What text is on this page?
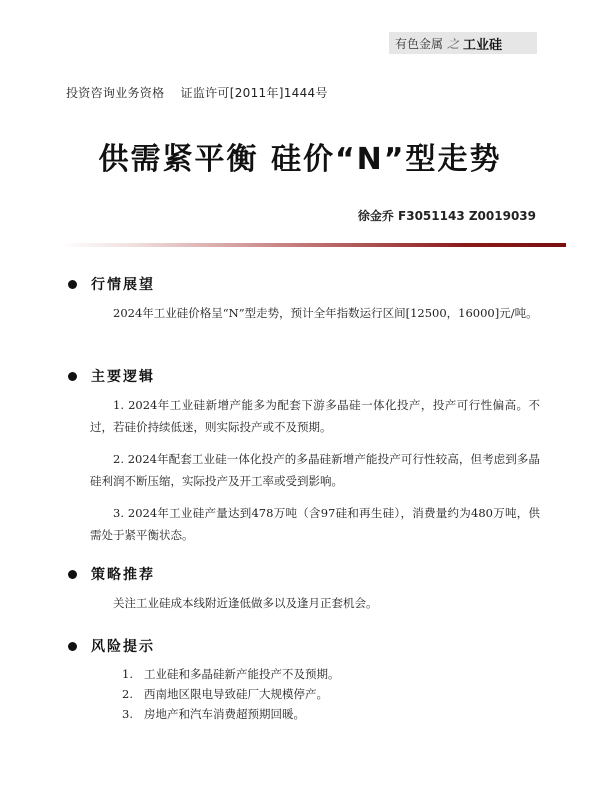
有色金属 之 工业硅
投资咨询业务资格 证监许可[2011年]1444号
供需紧平衡 硅价“N”型走势
徐金乔 F3051143 Z0019039
行情展望

2024年工业硅价格呈“N”型走势，预计全年指数运行区间[12500，16000]元/吨。

主要逻辑

1. 2024年工业硅新增产能多为配套下游多晶硅一体化投产，投产可行性偏高。不过，若硅价持续低迷，则实际投产或不及预期。

2. 2024年配套工业硅一体化投产的多晶硅新增产能投产可行性较高，但考虑到多晶硅利润不断压缩，实际投产及开工率或受到影响。

3. 2024年工业硅产量达到478万吨（含97硅和再生硅），消费量约为480万吨，供需处于紧平衡状态。

策略推荐

关注工业硅成本线附近逢低做多以及逢月正套机会。

风险提示
1. 工业硅和多晶硅新产能投产不及预期。
2. 西南地区限电导致硅厂大规模停产。
3. 房地产和汽车消费超预期回暖。
